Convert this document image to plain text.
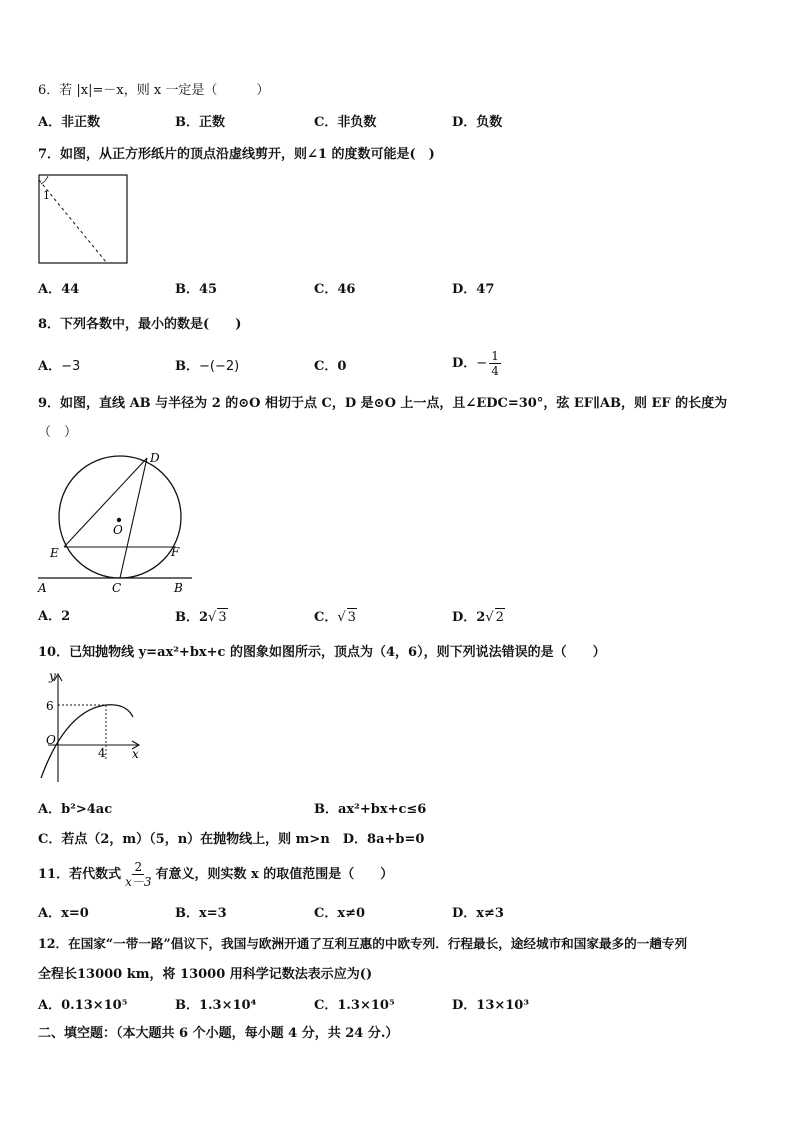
6．若 |x|=－x，则 x 一定是（　　　）
A．非正数	B．正数	C．非负数	D．负数
7．如图，从正方形纸片的顶点沿虚线剪开，则∠1 的度数可能是(　)
1
A．44	B．45	C．46	D．47
8．下列各数中，最小的数是(　　)
A．−3	B．−(−2)	C．0	D．− $\frac{1}{4}$
9．如图，直线 AB 与半径为 2 的⊙O 相切于点 C，D 是⊙O 上一点，且∠EDC=30°，弦 EF∥AB，则 EF 的长度为
（　）
D
O
E	F
A	C	B
A．2	B．2√ 3	C．√ 3	D．2√ 2
10．已知抛物线 y=ax²+bx+c 的图象如图所示，顶点为（4，6），则下列说法错误的是（　　）
y
6
O
4 x
A．b²>4ac	B．ax²+bx+c≤6
C．若点（2，m）（5，n）在抛物线上，则 m>n　D．8a+b=0
11．若代数式 $\frac{2}{x-3}$ 有意义，则实数 x 的取值范围是（　　）
A．x=0	B．x=3	C．x≠0	D．x≠3
12．在国家“一带一路”倡议下，我国与欧洲开通了互利互惠的中欧专列．行程最长，途经城市和国家最多的一趟专列
全程长13000 km，将 13000 用科学记数法表示应为()
A．0.13×10⁵	B．1.3×10⁴	C．1.3×10⁵	D．13×10³
二、填空题：（本大题共 6 个小题，每小题 4 分，共 24 分.）
